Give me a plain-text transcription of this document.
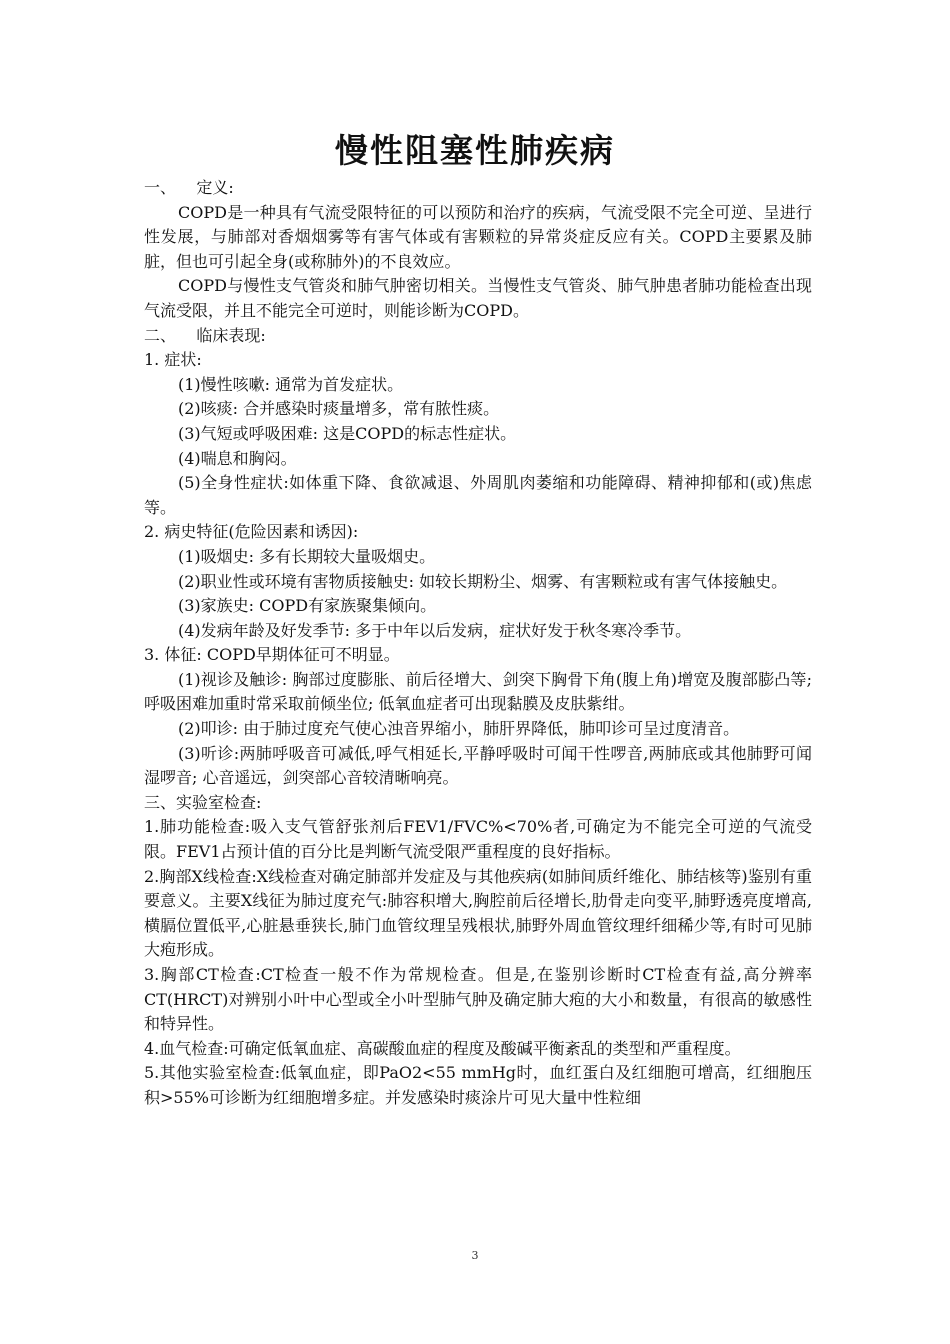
慢性阻塞性肺疾病

一、    定义:

COPD是一种具有气流受限特征的可以预防和治疗的疾病，气流受限不完全可逆、呈进行性发展，与肺部对香烟烟雾等有害气体或有害颗粒的异常炎症反应有关。COPD主要累及肺脏，但也可引起全身(或称肺外)的不良效应。

COPD与慢性支气管炎和肺气肿密切相关。当慢性支气管炎、肺气肿患者肺功能检查出现气流受限，并且不能完全可逆时，则能诊断为COPD。

二、    临床表现:

1. 症状:

(1)慢性咳嗽: 通常为首发症状。

(2)咳痰: 合并感染时痰量增多，常有脓性痰。

(3)气短或呼吸困难: 这是COPD的标志性症状。

(4)喘息和胸闷。

(5)全身性症状:如体重下降、食欲减退、外周肌肉萎缩和功能障碍、精神抑郁和(或)焦虑等。

2. 病史特征(危险因素和诱因):

(1)吸烟史: 多有长期较大量吸烟史。

(2)职业性或环境有害物质接触史: 如较长期粉尘、烟雾、有害颗粒或有害气体接触史。

(3)家族史: COPD有家族聚集倾向。

(4)发病年龄及好发季节: 多于中年以后发病，症状好发于秋冬寒冷季节。

3. 体征: COPD早期体征可不明显。

(1)视诊及触诊: 胸部过度膨胀、前后径增大、剑突下胸骨下角(腹上角)增宽及腹部膨凸等; 呼吸困难加重时常采取前倾坐位; 低氧血症者可出现黏膜及皮肤紫绀。

(2)叩诊: 由于肺过度充气使心浊音界缩小，肺肝界降低，肺叩诊可呈过度清音。

(3)听诊:两肺呼吸音可减低,呼气相延长,平静呼吸时可闻干性啰音,两肺底或其他肺野可闻湿啰音; 心音遥远，剑突部心音较清晰响亮。

三、实验室检查:

1.肺功能检查:吸入支气管舒张剂后FEV1/FVC%<70%者,可确定为不能完全可逆的气流受限。FEV1占预计值的百分比是判断气流受限严重程度的良好指标。

2.胸部X线检查:X线检查对确定肺部并发症及与其他疾病(如肺间质纤维化、肺结核等)鉴别有重要意义。主要X线征为肺过度充气:肺容积增大,胸腔前后径增长,肋骨走向变平,肺野透亮度增高,横膈位置低平,心脏悬垂狭长,肺门血管纹理呈残根状,肺野外周血管纹理纤细稀少等,有时可见肺大疱形成。

3.胸部CT检查:CT检查一般不作为常规检查。但是,在鉴别诊断时CT检查有益,高分辨率CT(HRCT)对辨别小叶中心型或全小叶型肺气肿及确定肺大疱的大小和数量，有很高的敏感性和特异性。

4.血气检查:可确定低氧血症、高碳酸血症的程度及酸碱平衡紊乱的类型和严重程度。

5.其他实验室检查:低氧血症，即PaO2<55 mmHg时，血红蛋白及红细胞可增高，红细胞压积>55%可诊断为红细胞增多症。并发感染时痰涂片可见大量中性粒细

3
